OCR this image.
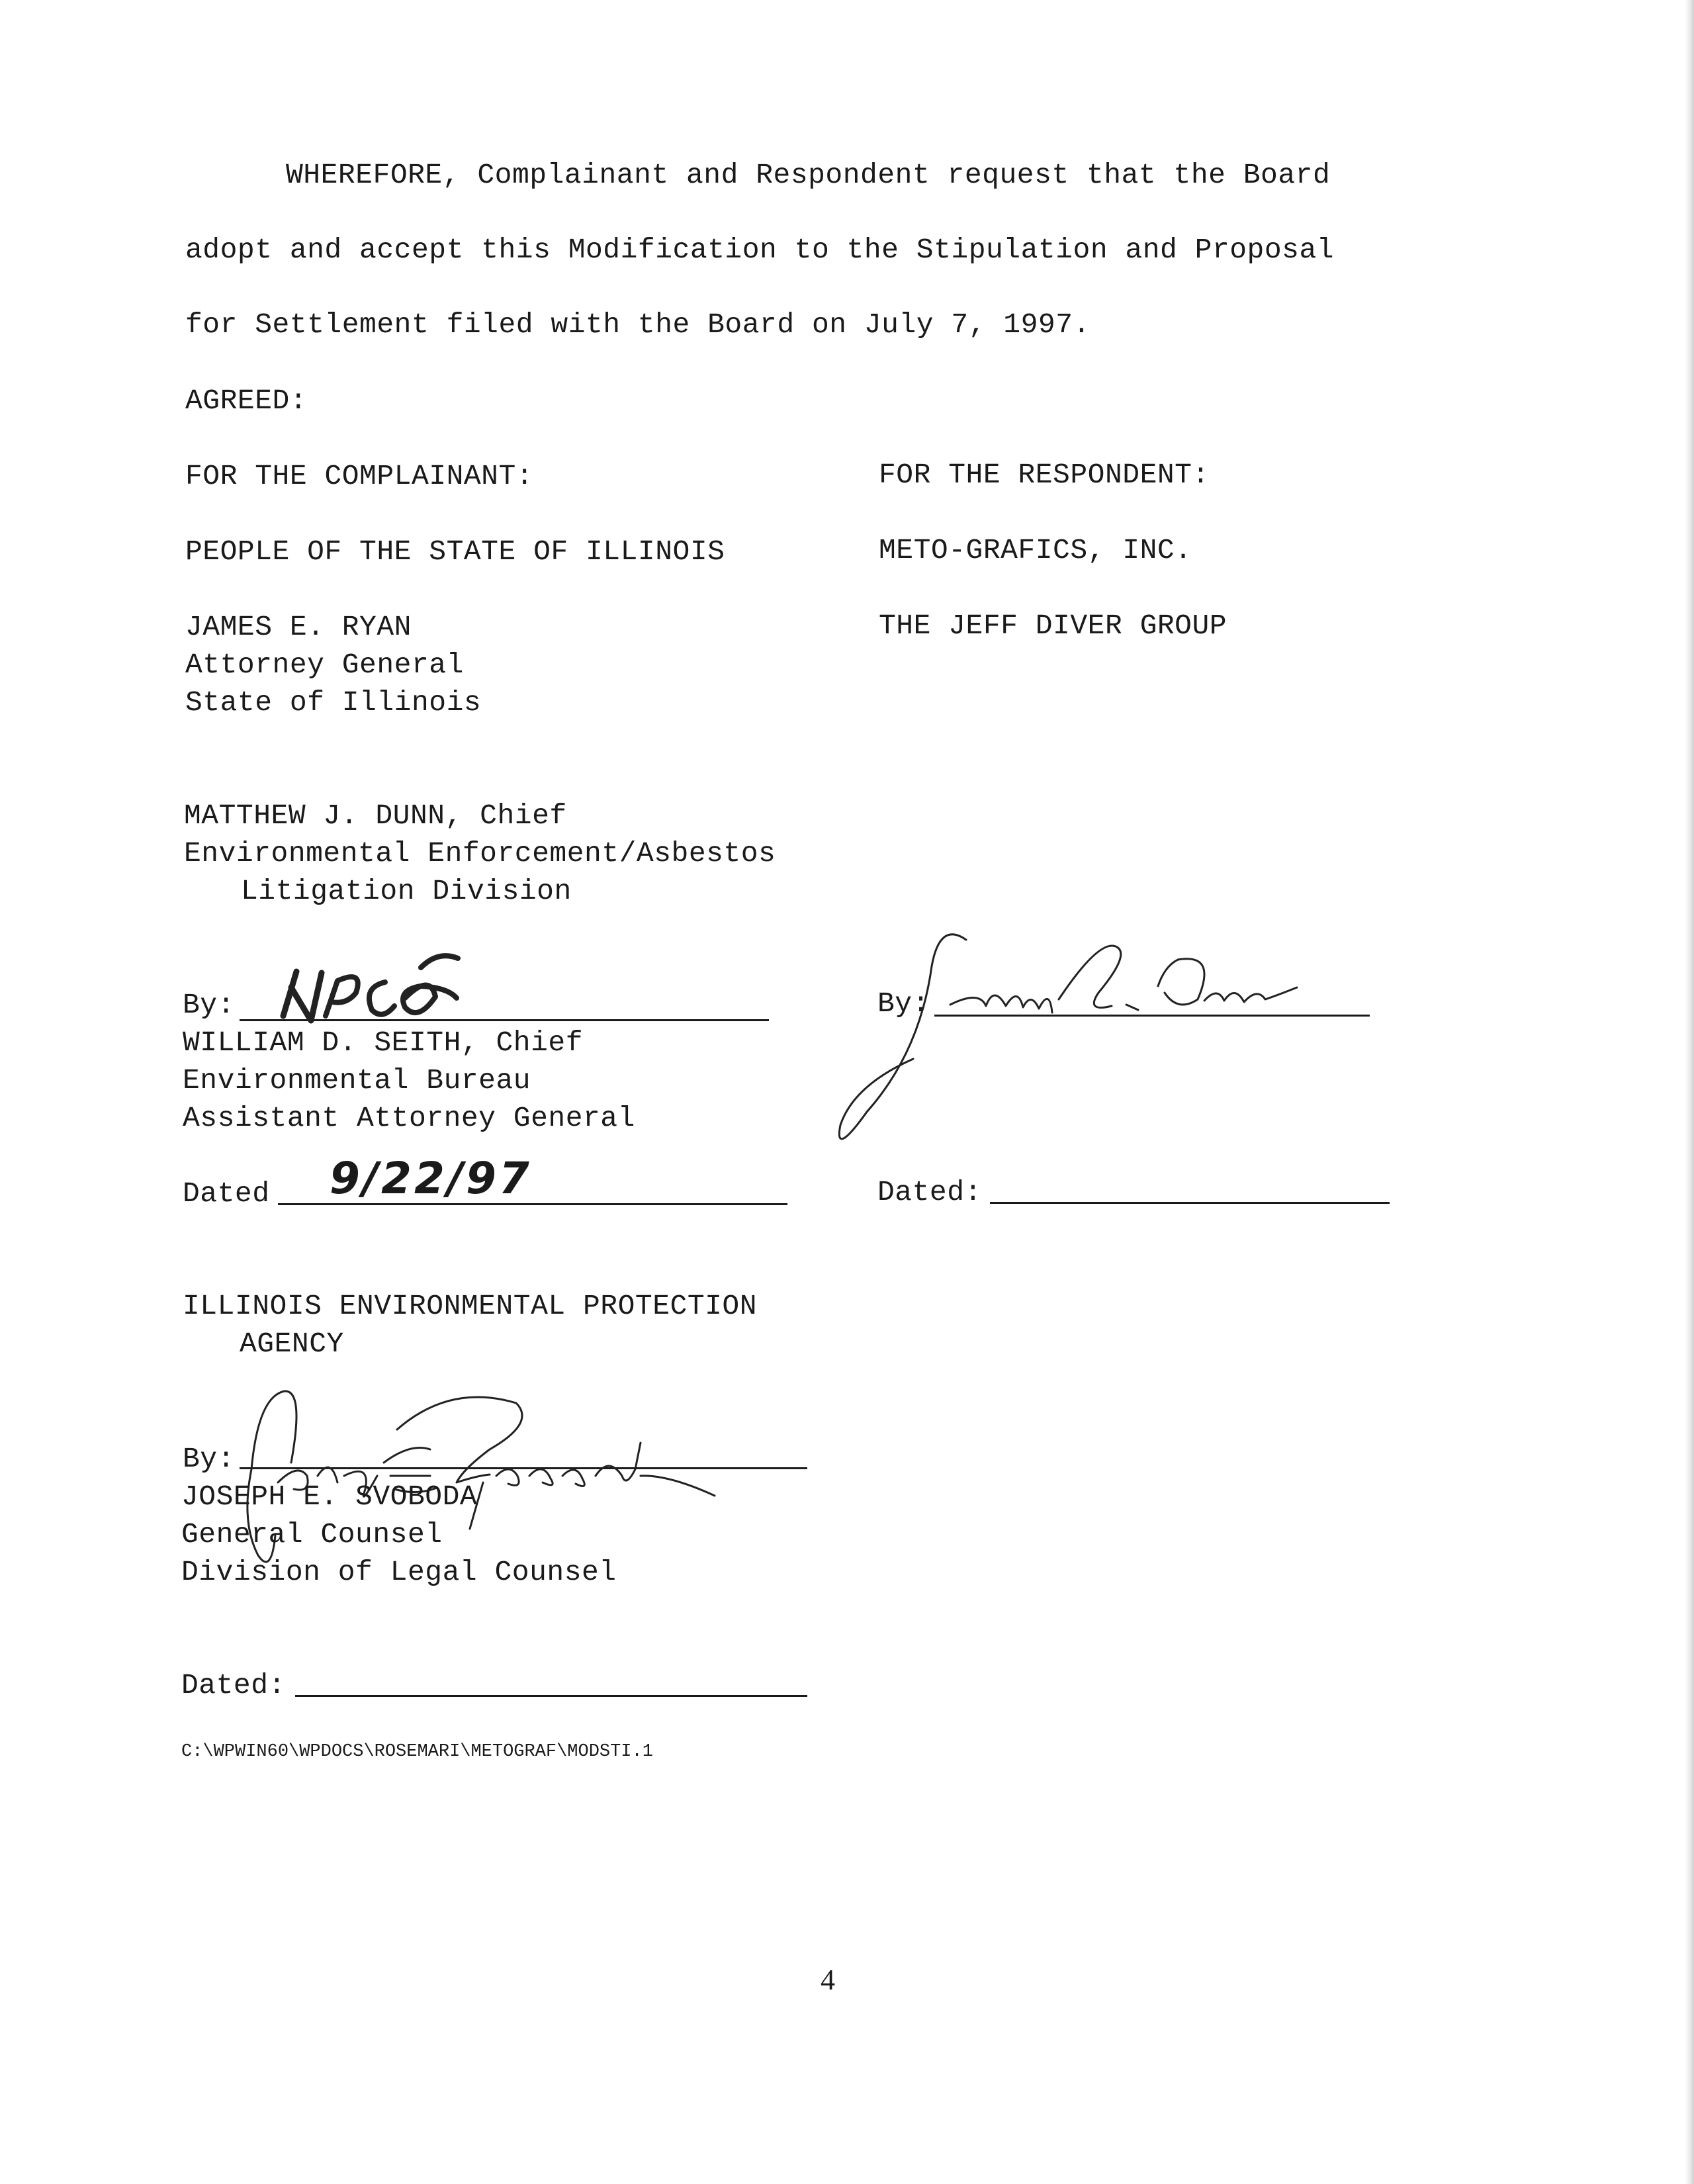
WHEREFORE, Complainant and Respondent request that the Board
adopt and accept this Modification to the Stipulation and Proposal
for Settlement filed with the Board on July 7, 1997.
AGREED:
FOR THE COMPLAINANT:	FOR THE RESPONDENT:
PEOPLE OF THE STATE OF ILLINOIS	METO-GRAFICS, INC.
JAMES E. RYAN
Attorney General
State of Illinois
THE JEFF DIVER GROUP
MATTHEW J. DUNN, Chief
Environmental Enforcement/Asbestos
Litigation Division
By:
WILLIAM D. SEITH, Chief
Environmental Bureau
Assistant Attorney General
Dated 9/22/97
By:
Dated:
ILLINOIS ENVIRONMENTAL PROTECTION
AGENCY
By:
JOSEPH E. SVOBODA
General Counsel
Division of Legal Counsel
Dated:
C:\WPWIN60\WPDOCS\ROSEMARI\METOGRAF\MODSTI.1
4
